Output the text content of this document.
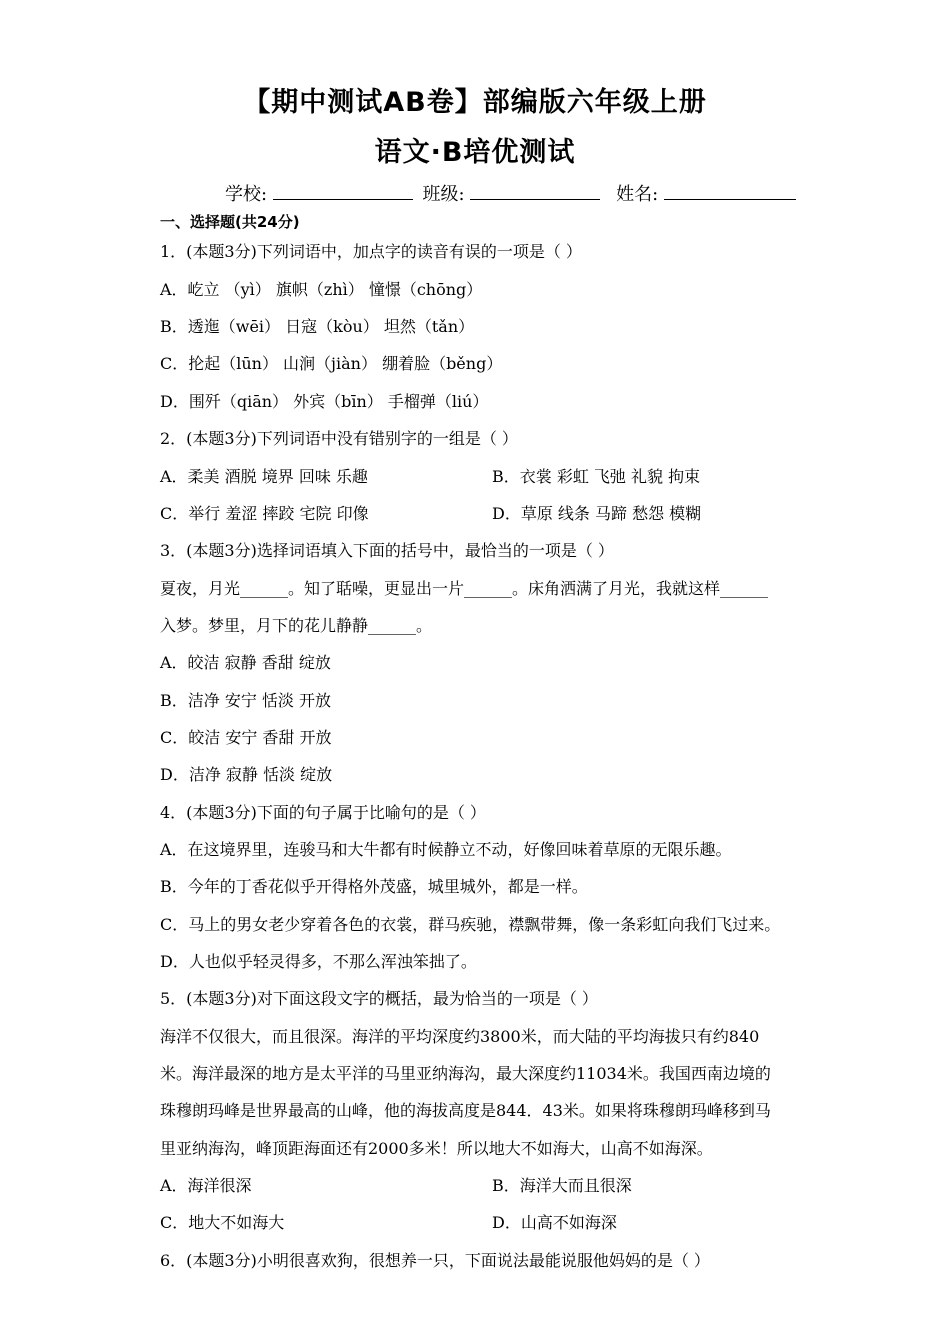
【期中测试AB卷】部编版六年级上册
语文·B培优测试
学校:	班级:	姓名:
一、选择题(共24分)
1．(本题3分)下列词语中，加点字的读音有误的一项是（ ）
A．屹立 （yì） 旗帜（zhì） 憧憬（chōng）
B．透迤（wēi） 日寇（kòu） 坦然（tǎn）
C．抡起（lūn） 山涧（jiàn） 绷着脸（běng）
D．围歼（qiān） 外宾（bīn） 手榴弹（liú）
2．(本题3分)下列词语中没有错别字的一组是（ ）
A．柔美 酒脱 境界 回味 乐趣	B．衣裳 彩虹 飞弛 礼貌 拘束
C．举行 羞涩 摔跤 宅院 印像	D．草原 线条 马蹄 愁怨 模糊
3．(本题3分)选择词语填入下面的括号中，最恰当的一项是（ ）
夏夜，月光______。知了聒噪，更显出一片______。床角洒满了月光，我就这样______
入梦。梦里，月下的花儿静静______。
A．皎洁 寂静 香甜 绽放
B．洁净 安宁 恬淡 开放
C．皎洁 安宁 香甜 开放
D．洁净 寂静 恬淡 绽放
4．(本题3分)下面的句子属于比喻句的是（ ）
A．在这境界里，连骏马和大牛都有时候静立不动，好像回味着草原的无限乐趣。
B．今年的丁香花似乎开得格外茂盛，城里城外，都是一样。
C．马上的男女老少穿着各色的衣裳，群马疾驰，襟飘带舞，像一条彩虹向我们飞过来。
D．人也似乎轻灵得多，不那么浑浊笨拙了。
5．(本题3分)对下面这段文字的概括，最为恰当的一项是（ ）
海洋不仅很大，而且很深。海洋的平均深度约3800米，而大陆的平均海拔只有约840
米。海洋最深的地方是太平洋的马里亚纳海沟，最大深度约11034米。我国西南边境的
珠穆朗玛峰是世界最高的山峰，他的海拔高度是844．43米。如果将珠穆朗玛峰移到马
里亚纳海沟，峰顶距海面还有2000多米！所以地大不如海大，山高不如海深。
A．海洋很深	B．海洋大而且很深
C．地大不如海大	D．山高不如海深
6．(本题3分)小明很喜欢狗，很想养一只，下面说法最能说服他妈妈的是（ ）
